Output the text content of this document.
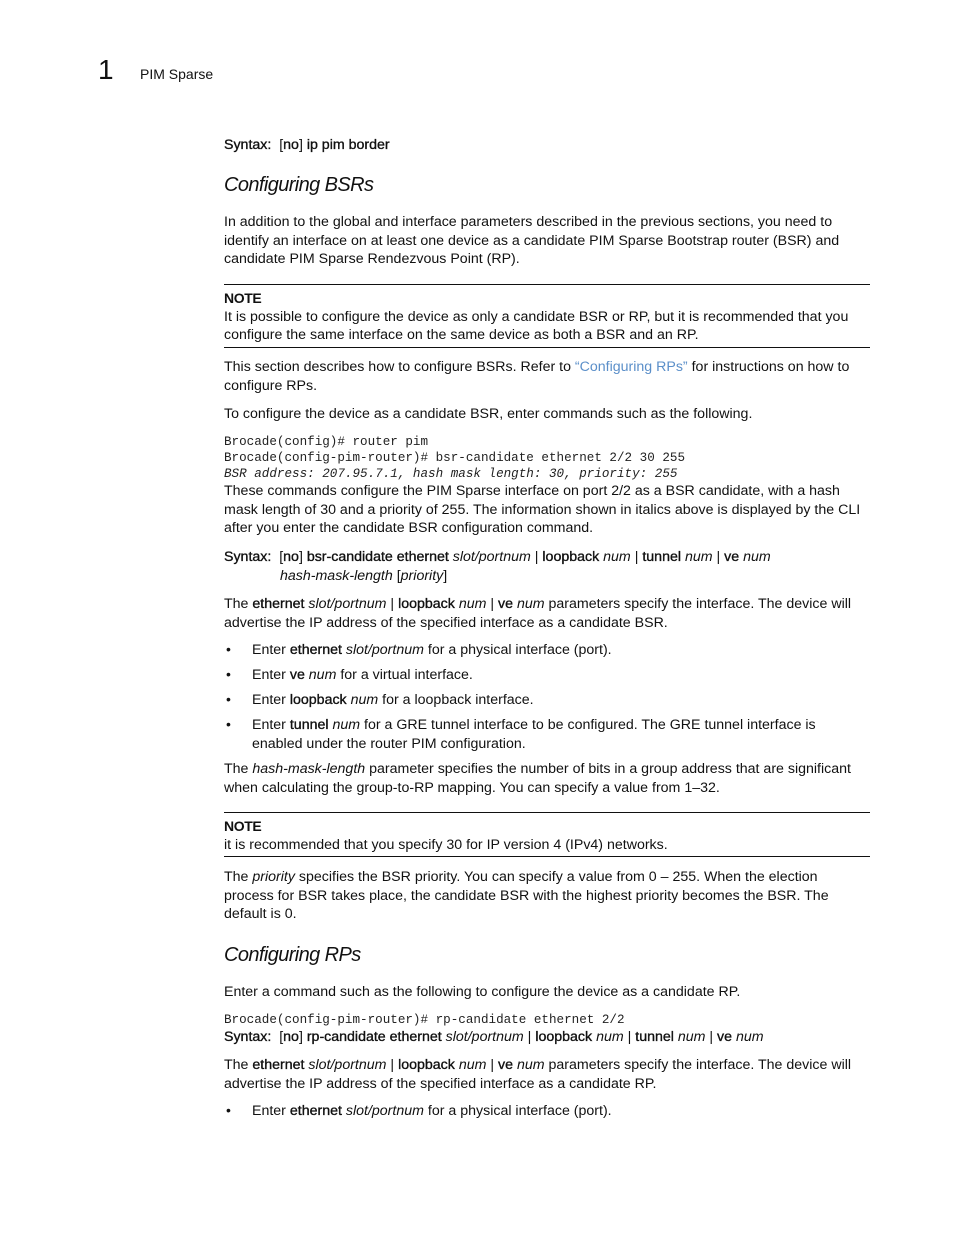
1 PIM Sparse
Syntax:  [no] ip pim border
Configuring BSRs

In addition to the global and interface parameters described in the previous sections, you need to identify an interface on at least one device as a candidate PIM Sparse Bootstrap router (BSR) and candidate PIM Sparse Rendezvous Point (RP).

NOTE
It is possible to configure the device as only a candidate BSR or RP, but it is recommended that you configure the same interface on the same device as both a BSR and an RP.

This section describes how to configure BSRs. Refer to “Configuring RPs” for instructions on how to configure RPs.

To configure the device as a candidate BSR, enter commands such as the following.

Brocade(config)# router pim
Brocade(config-pim-router)# bsr-candidate ethernet 2/2 30 255
BSR address: 207.95.7.1, hash mask length: 30, priority: 255

These commands configure the PIM Sparse interface on port 2/2 as a BSR candidate, with a hash mask length of 30 and a priority of 255. The information shown in italics above is displayed by the CLI after you enter the candidate BSR configuration command.

Syntax:  [no] bsr-candidate ethernet slot/portnum | loopback num | tunnel num | ve num
hash-mask-length [priority]

The ethernet slot/portnum | loopback num | ve num parameters specify the interface. The device will advertise the IP address of the specified interface as a candidate BSR.

• Enter ethernet slot/portnum for a physical interface (port).
• Enter ve num for a virtual interface.
• Enter loopback num for a loopback interface.
• Enter tunnel num for a GRE tunnel interface to be configured. The GRE tunnel interface is enabled under the router PIM configuration.

The hash-mask-length parameter specifies the number of bits in a group address that are significant when calculating the group-to-RP mapping. You can specify a value from 1–32.

NOTE
it is recommended that you specify 30 for IP version 4 (IPv4) networks.

The priority specifies the BSR priority. You can specify a value from 0 – 255. When the election process for BSR takes place, the candidate BSR with the highest priority becomes the BSR. The default is 0.

Configuring RPs

Enter a command such as the following to configure the device as a candidate RP.

Brocade(config-pim-router)# rp-candidate ethernet 2/2
Syntax:  [no] rp-candidate ethernet slot/portnum | loopback num | tunnel num | ve num

The ethernet slot/portnum | loopback num | ve num parameters specify the interface. The device will advertise the IP address of the specified interface as a candidate RP.

• Enter ethernet slot/portnum for a physical interface (port).
